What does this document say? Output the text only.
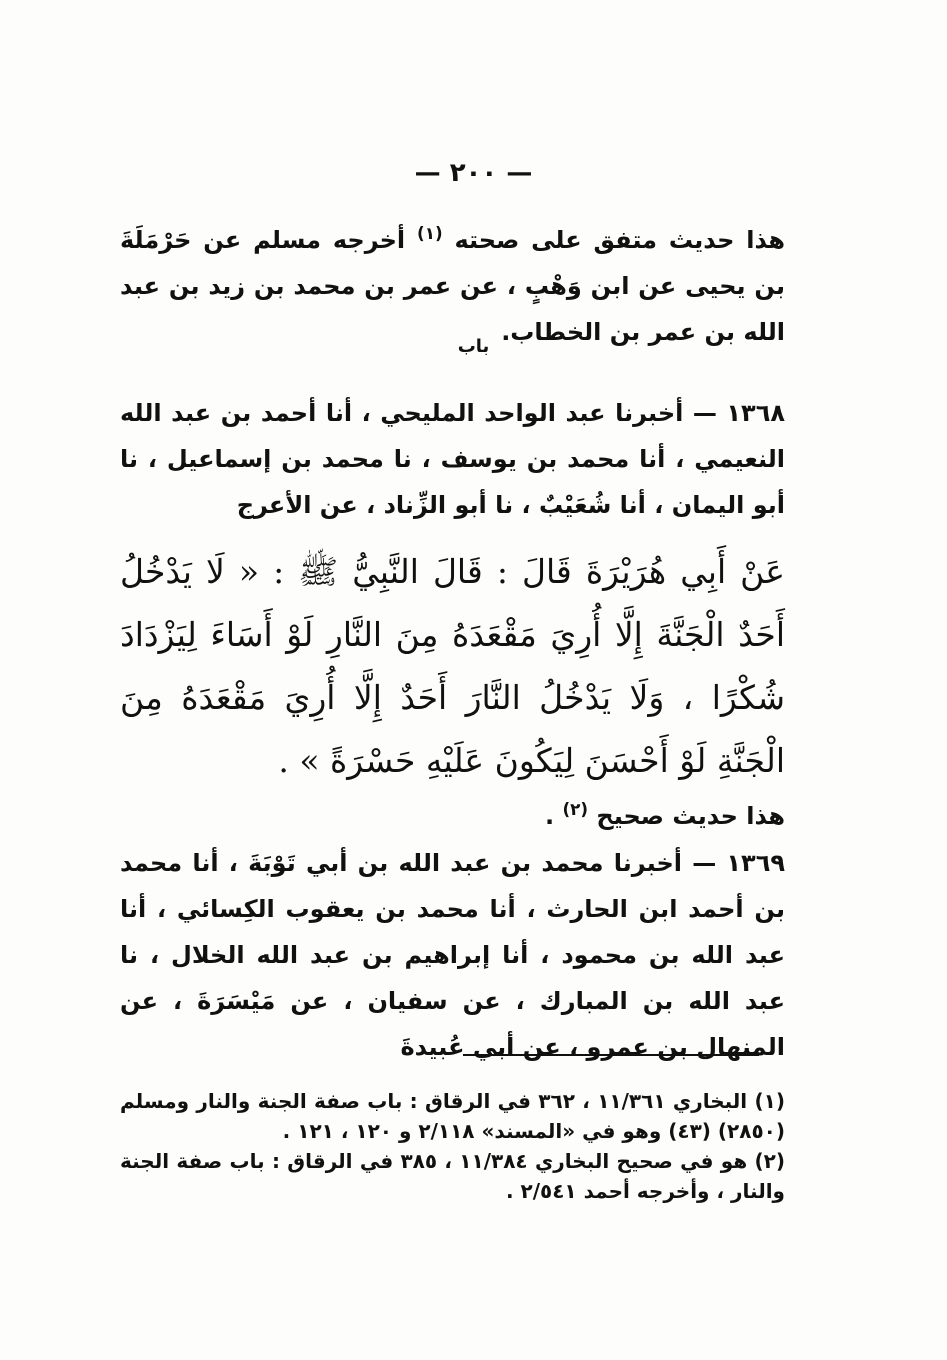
— ٢٠٠ —
هذا حديث متفق على صحته $^{(١)}$ أخرجه مسلم عن حَرْمَلَةَ بن يحيى عن ابن وَهْبٍ ، عن عمر بن محمد بن زيد بن عبد الله بن عمر بن الخطاب.
باب
١٣٦٨ — أخبرنا عبد الواحد المليحي ، أنا أحمد بن عبد الله النعيمي ، أنا محمد بن يوسف ، نا محمد بن إسماعيل ، نا أبو اليمان ، أنا شُعَيْبٌ ، نا أبو الزِّناد ، عن الأعرج
عَنْ أَبِي هُرَيْرَةَ قَالَ : قَالَ النَّبِيُّ ﷺ : « لَا يَدْخُلُ أَحَدٌ الْجَنَّةَ إِلَّا أُرِيَ مَقْعَدَهُ مِنَ النَّارِ لَوْ أَسَاءَ لِيَزْدَادَ شُكْرًا ، وَلَا يَدْخُلُ النَّارَ أَحَدٌ إِلَّا أُرِيَ مَقْعَدَهُ مِنَ الْجَنَّةِ لَوْ أَحْسَنَ لِيَكُونَ عَلَيْهِ حَسْرَةً » .
هذا حديث صحيح $^{(٢)}$ .
١٣٦٩ — أخبرنا محمد بن عبد الله بن أبي تَوْبَةَ ، أنا محمد بن أحمد ابن الحارث ، أنا محمد بن يعقوب الكِسائي ، أنا عبد الله بن محمود ، أنا إبراهيم بن عبد الله الخلال ، نا عبد الله بن المبارك ، عن سفيان ، عن مَيْسَرَةَ ، عن المنهال بن عمرو ، عن أبي عُبيدةَ

(١) البخاري ١١/٣٦١ ، ٣٦٢ في الرقاق : باب صفة الجنة والنار ومسلم (٢٨٥٠) (٤٣) وهو في «المسند» ٢/١١٨ و ١٢٠ ، ١٢١ .

(٢) هو في صحيح البخاري ١١/٣٨٤ ، ٣٨٥ في الرقاق : باب صفة الجنة والنار ، وأخرجه أحمد ٢/٥٤١ .
